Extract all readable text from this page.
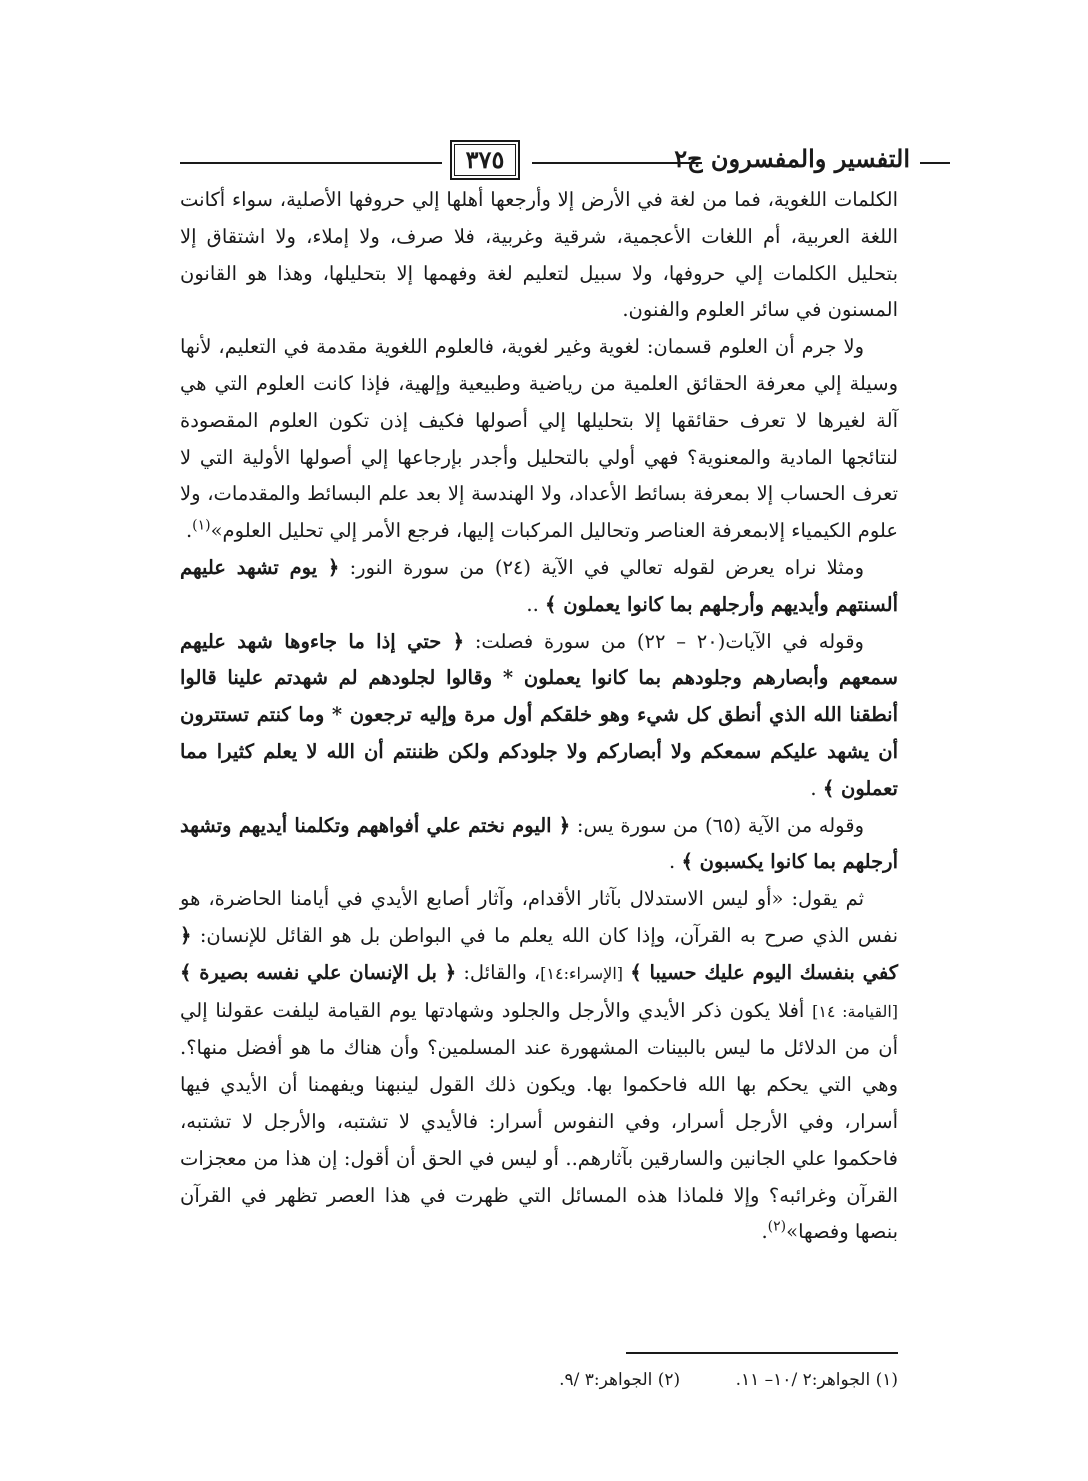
التفسير والمفسرون ج٢
٣٧٥

الكلمات اللغوية، فما من لغة في الأرض إلا وأرجعها أهلها إلي حروفها الأصلية، سواء أكانت اللغة العربية، أم اللغات الأعجمية، شرقية وغربية، فلا صرف، ولا إملاء، ولا اشتقاق إلا بتحليل الكلمات إلي حروفها، ولا سبيل لتعليم لغة وفهمها إلا بتحليلها، وهذا هو القانون المسنون في سائر العلوم والفنون.

ولا جرم أن العلوم قسمان: لغوية وغير لغوية، فالعلوم اللغوية مقدمة في التعليم، لأنها وسيلة إلي معرفة الحقائق العلمية من رياضية وطبيعية وإلهية، فإذا كانت العلوم التي هي آلة لغيرها لا تعرف حقائقها إلا بتحليلها إلي أصولها فكيف إذن تكون العلوم المقصودة لنتائجها المادية والمعنوية؟ فهي أولي بالتحليل وأجدر بإرجاعها إلي أصولها الأولية التي لا تعرف الحساب إلا بمعرفة بسائط الأعداد، ولا الهندسة إلا بعد علم البسائط والمقدمات، ولا علوم الكيمياء إلابمعرفة العناصر وتحاليل المركبات إليها، فرجع الأمر إلي تحليل العلوم»$^{(١)}$.

ومثلا نراه يعرض لقوله تعالي في الآية (٢٤) من سورة النور: ﴿ يوم تشهد عليهم ألسنتهم وأيديهم وأرجلهم بما كانوا يعملون ﴾ ..

وقوله في الآيات(٢٠ – ٢٢) من سورة فصلت: ﴿ حتي إذا ما جاءوها شهد عليهم سمعهم وأبصارهم وجلودهم بما كانوا يعملون * وقالوا لجلودهم لم شهدتم علينا قالوا أنطقنا الله الذي أنطق كل شيء وهو خلقكم أول مرة وإليه ترجعون * وما كنتم تستترون أن يشهد عليكم سمعكم ولا أبصاركم ولا جلودكم ولكن ظننتم أن الله لا يعلم كثيرا مما تعملون ﴾ .

وقوله من الآية (٦٥) من سورة يس: ﴿ اليوم نختم علي أفواههم وتكلمنا أيديهم وتشهد أرجلهم بما كانوا يكسبون ﴾ .

ثم يقول: «أو ليس الاستدلال بآثار الأقدام، وآثار أصابع الأيدي في أيامنا الحاضرة، هو نفس الذي صرح به القرآن، وإذا كان الله يعلم ما في البواطن بل هو القائل للإنسان: ﴿ كفي بنفسك اليوم عليك حسيبا ﴾ [الإسراء:١٤]، والقائل: ﴿ بل الإنسان علي نفسه بصيرة ﴾ [القيامة: ١٤] أفلا يكون ذكر الأيدي والأرجل والجلود وشهادتها يوم القيامة ليلفت عقولنا إلي أن من الدلائل ما ليس بالبينات المشهورة عند المسلمين؟ وأن هناك ما هو أفضل منها؟. وهي التي يحكم بها الله فاحكموا بها. ويكون ذلك القول لينبهنا ويفهمنا أن الأيدي فيها أسرار، وفي الأرجل أسرار، وفي النفوس أسرار: فالأيدي لا تشتبه، والأرجل لا تشتبه، فاحكموا علي الجانين والسارقين بآثارهم.. أو ليس في الحق أن أقول: إن هذا من معجزات القرآن وغرائبه؟ وإلا فلماذا هذه المسائل التي ظهرت في هذا العصر تظهر في القرآن بنصها وفصها»$^{(٢)}$.

(١) الجواهر:٢ /١٠– ١١. (٢) الجواهر:٣ /٩.
